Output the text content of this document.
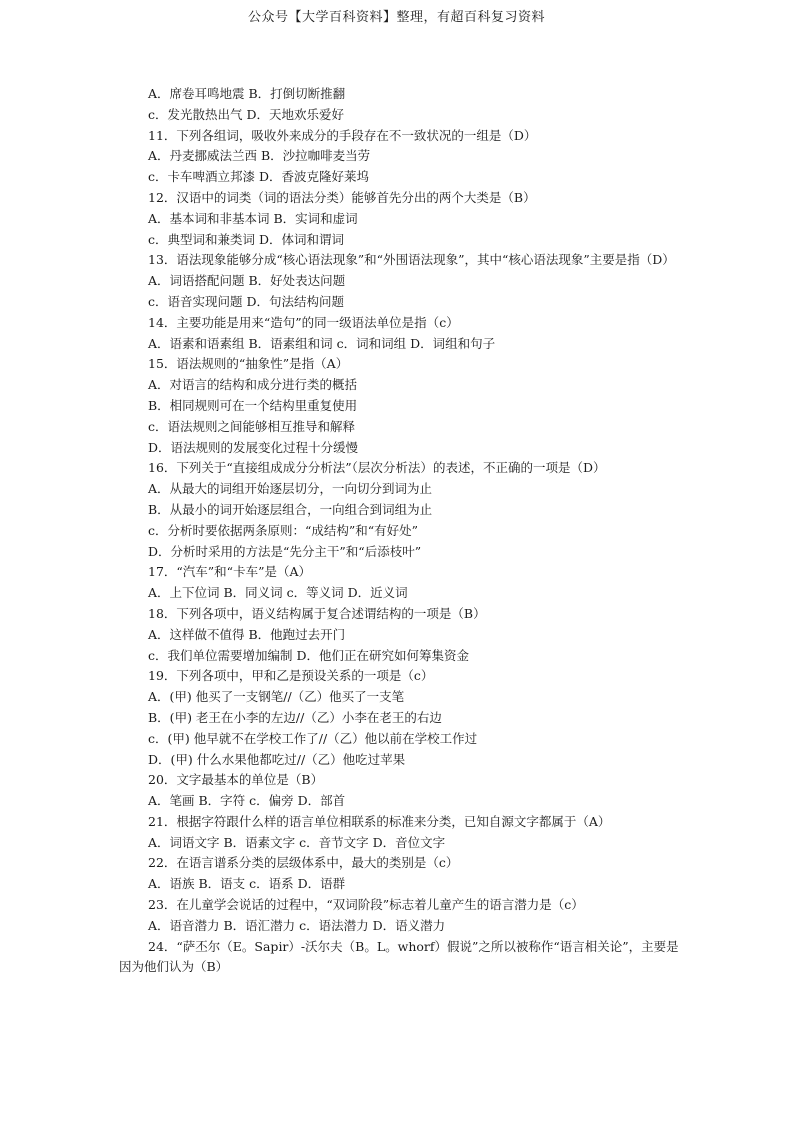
公众号【大学百科资料】整理，有超百科复习资料
A．席卷耳鸣地震 B．打倒切断推翻
c．发光散热出气 D．天地欢乐爱好
11．下列各组词，吸收外来成分的手段存在不一致状况的一组是（D）
A．丹麦挪威法兰西 B．沙拉咖啡麦当劳
c．卡车啤酒立邦漆 D．香波克隆好莱坞
12．汉语中的词类（词的语法分类）能够首先分出的两个大类是（B）
A．基本词和非基本词 B．实词和虚词
c．典型词和兼类词 D．体词和谓词
13．语法现象能够分成“核心语法现象”和“外围语法现象”，其中“核心语法现象”主要是指（D）
A．词语搭配问题 B．好处表达问题
c．语音实现问题 D．句法结构问题
14．主要功能是用来“造句”的同一级语法单位是指（c）
A．语素和语素组 B．语素组和词 c．词和词组 D．词组和句子
15．语法规则的“抽象性”是指（A）
A．对语言的结构和成分进行类的概括
B．相同规则可在一个结构里重复使用
c．语法规则之间能够相互推导和解释
D．语法规则的发展变化过程十分缓慢
16．下列关于“直接组成成分分析法”（层次分析法）的表述，不正确的一项是（D）
A．从最大的词组开始逐层切分，一向切分到词为止
B．从最小的词开始逐层组合，一向组合到词组为止
c．分析时要依据两条原则：“成结构”和“有好处”
D．分析时采用的方法是“先分主干”和“后添枝叶”
17．“汽车”和“卡车”是（A）
A．上下位词 B．同义词 c．等义词 D．近义词
18．下列各项中，语义结构属于复合述谓结构的一项是（B）
A．这样做不值得 B．他跑过去开门
c．我们单位需要增加编制 D．他们正在研究如何筹集资金
19．下列各项中，甲和乙是预设关系的一项是（c）
A．(甲) 他买了一支钢笔//（乙）他买了一支笔
B．(甲) 老王在小李的左边//（乙）小李在老王的右边
c．(甲) 他早就不在学校工作了//（乙）他以前在学校工作过
D．(甲) 什么水果他都吃过//（乙）他吃过苹果
20．文字最基本的单位是（B）
A．笔画 B．字符 c．偏旁 D．部首
21．根据字符跟什么样的语言单位相联系的标准来分类，已知自源文字都属于（A）
A．词语文字 B．语素文字 c．音节文字 D．音位文字
22．在语言谱系分类的层级体系中，最大的类别是（c）
A．语族 B．语支 c．语系 D．语群
23．在儿童学会说话的过程中，“双词阶段”标志着儿童产生的语言潜力是（c）
A．语音潜力 B．语汇潜力 c．语法潜力 D．语义潜力
24．“萨丕尔（E。Sapir）-沃尔夫（B。L。whorf）假说”之所以被称作“语言相关论”，主要是因为他们认为（B）
